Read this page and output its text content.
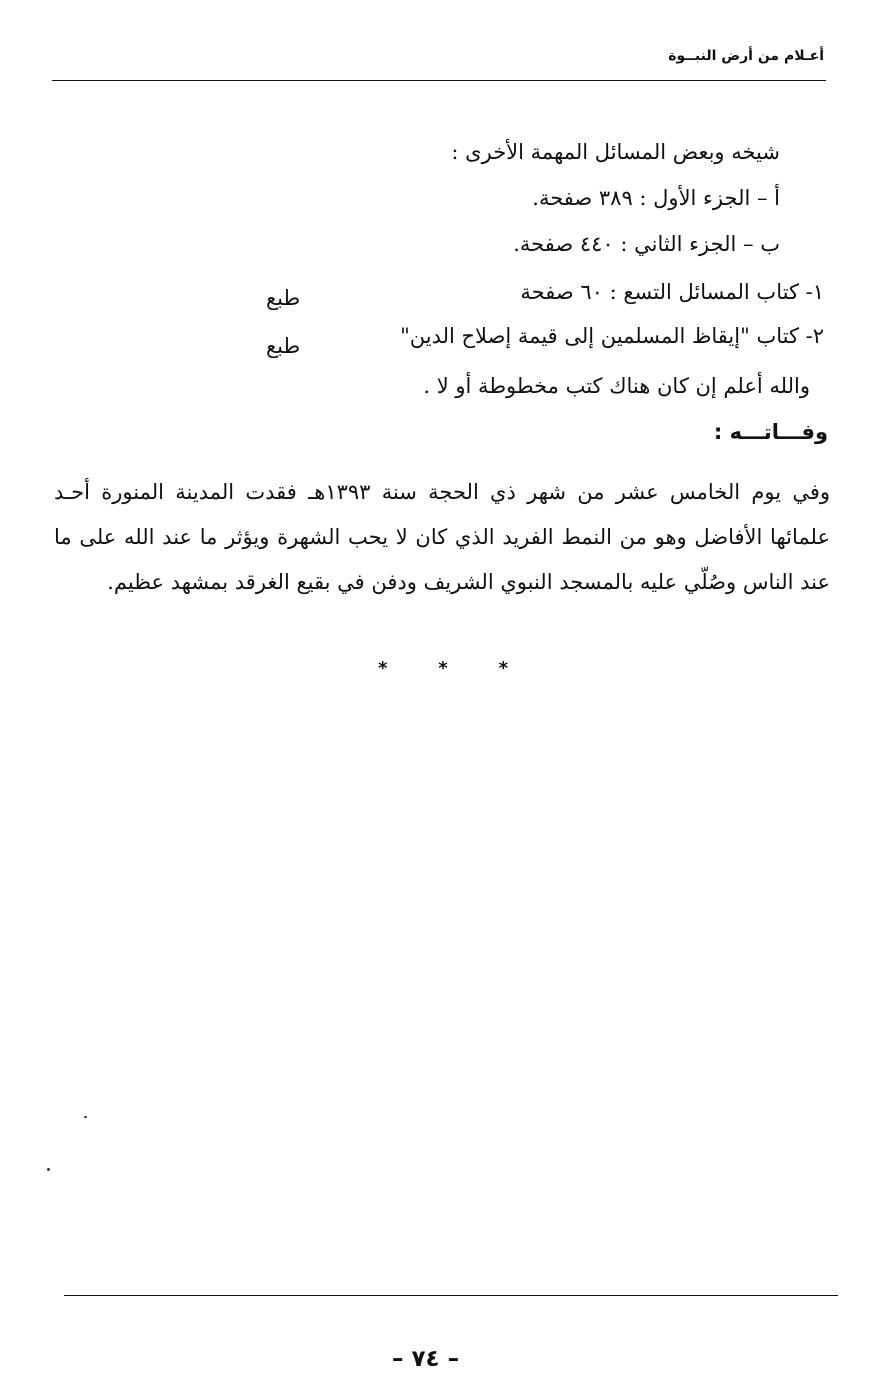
أعـلام من أرض النبــوة
شيخه وبعض المسائل المهمة الأخرى :
أ – الجزء الأول : ٣٨٩ صفحة.
ب – الجزء الثاني : ٤٤٠ صفحة.
١- كتاب المسائل التسع : ٦٠ صفحة
طبع
٢- كتاب "إيقاظ المسلمين إلى قيمة إصلاح الدين"
طبع
والله أعلم إن كان هناك كتب مخطوطة أو لا .
وفـــاتـــه :
وفي يوم الخامس عشر من شهر ذي الحجة سنة ١٣٩٣هـ فقدت المدينة المنورة أحـد علمائها الأفاضل وهو من النمط الفريد الذي كان لا يحب الشهرة ويؤثر ما عند الله على ما عند الناس وصُلّي عليه بالمسجد النبوي الشريف ودفن في بقيع الغرقد بمشهد عظيم.
*	*	*
– ٧٤ –
